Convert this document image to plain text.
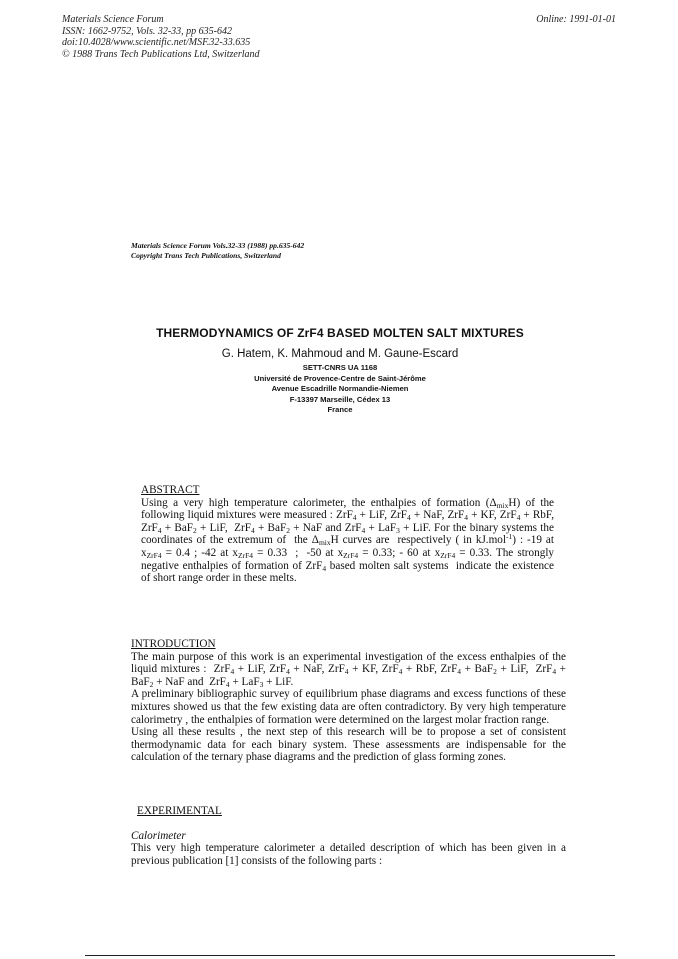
Materials Science Forum
ISSN: 1662-9752, Vols. 32-33, pp 635-642
doi:10.4028/www.scientific.net/MSF.32-33.635
© 1988 Trans Tech Publications Ltd, Switzerland
Online: 1991-01-01
Materials Science Forum Vols.32-33 (1988) pp.635-642
Copyright Trans Tech Publications, Switzerland
THERMODYNAMICS OF ZrF4 BASED MOLTEN SALT MIXTURES
G. Hatem, K. Mahmoud and M. Gaune-Escard
SETT-CNRS UA 1168
Université de Provence-Centre de Saint-Jérôme
Avenue Escadrille Normandie-Niemen
F-13397 Marseille, Cédex 13
France
ABSTRACT
Using a very high temperature calorimeter, the enthalpies of formation $(\Delta_{mix}H)$ of the following liquid mixtures were measured : ZrF$_4$ + LiF, ZrF$_4$ + NaF, ZrF$_4$ + KF, ZrF$_4$ + RbF, ZrF$_4$ + BaF$_2$ + LiF,  ZrF$_4$ + BaF$_2$ + NaF and ZrF$_4$ + LaF$_3$ + LiF. For the binary systems the coordinates of the extremum of  the $\Delta_{mix}H$ curves are  respectively ( in kJ.mol$^{-1}$) : -19 at $x_{ZrF4} = 0.4$ ; -42 at $x_{ZrF4} = 0.33$  ;  -50 at $x_{ZrF4} = 0.33$; - 60 at $x_{ZrF4} = 0.33$. The strongly negative enthalpies of formation of ZrF$_4$ based molten salt systems  indicate the existence of short range order in these melts.
INTRODUCTION
The main purpose of this work is an experimental investigation of the excess enthalpies of the liquid mixtures :  ZrF$_4$ + LiF, ZrF$_4$ + NaF, ZrF$_4$ + KF, ZrF$_4$ + RbF, ZrF$_4$ + BaF$_2$ + LiF,  ZrF$_4$ + BaF$_2$ + NaF and  ZrF$_4$ + LaF$_3$ + LiF.
A preliminary bibliographic survey of equilibrium phase diagrams and excess functions of these mixtures showed us that the few existing data are often contradictory. By very high temperature calorimetry , the enthalpies of formation were determined on the largest molar fraction range.
Using all these results , the next step of this research will be to propose a set of consistent thermodynamic data for each binary system. These assessments are indispensable for the calculation of the ternary phase diagrams and the prediction of glass forming zones.
EXPERIMENTAL
Calorimeter
This very high temperature calorimeter a detailed description of which has been given in a previous publication [1] consists of the following parts :
